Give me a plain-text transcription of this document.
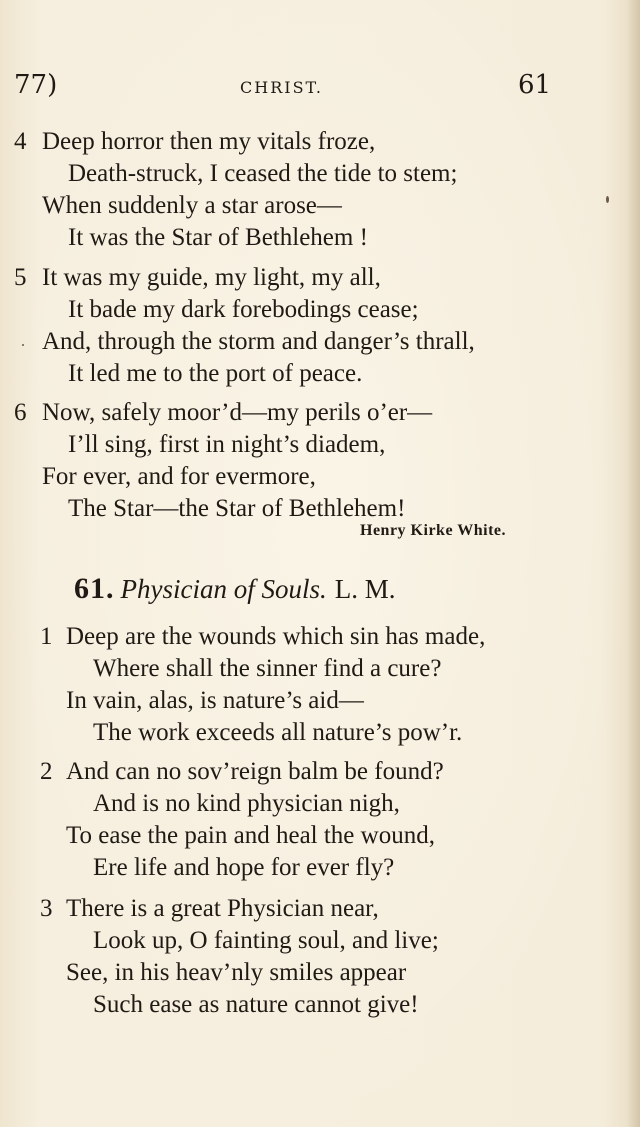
77)	CHRIST.	61
4 Deep horror then my vitals froze,
Death-struck, I ceased the tide to stem;
When suddenly a star arose—
It was the Star of Bethlehem !
5 It was my guide, my light, my all,
It bade my dark forebodings cease;
And, through the storm and danger’s thrall,
It led me to the port of peace.
6 Now, safely moor’d—my perils o’er—
I’ll sing, first in night’s diadem,
For ever, and for evermore,
The Star—the Star of Bethlehem!
Henry Kirke White.
61. Physician of Souls. L. M.
1 Deep are the wounds which sin has made,
Where shall the sinner find a cure?
In vain, alas, is nature’s aid—
The work exceeds all nature’s pow’r.
2 And can no sov’reign balm be found?
And is no kind physician nigh,
To ease the pain and heal the wound,
Ere life and hope for ever fly?
3 There is a great Physician near,
Look up, O fainting soul, and live;
See, in his heav’nly smiles appear
Such ease as nature cannot give!
